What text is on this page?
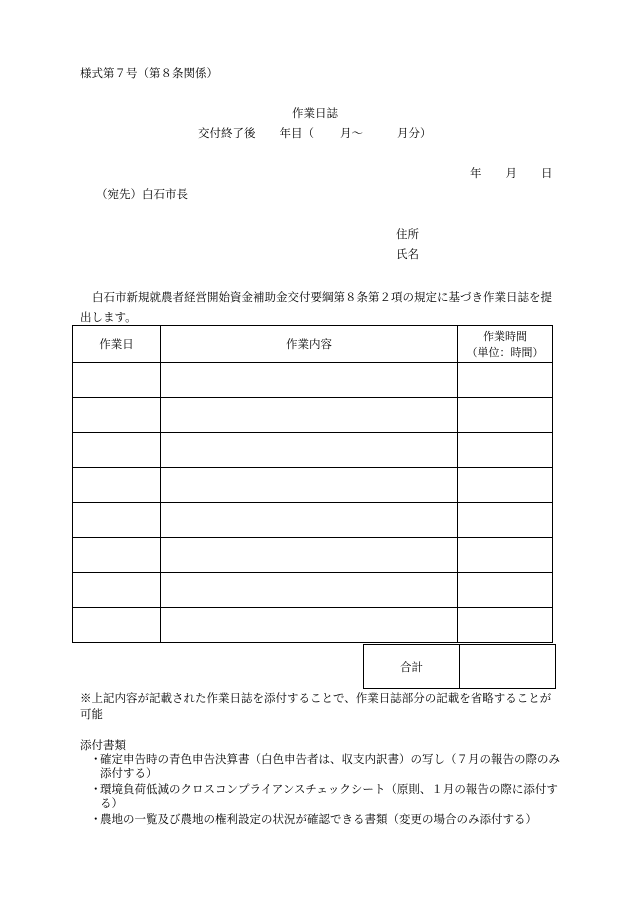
様式第７号（第８条関係）
作業日誌
交付終了後 年目（ 月～	月分）
年 月 日
（宛先）白石市長
住所
氏名
白石市新規就農者経営開始資金補助金交付要綱第８条第２項の規定に基づき作業日誌を提出します。
作業日	作業内容	作業時間
（単位：時間）

合計	
※上記内容が記載された作業日誌を添付することで、作業日誌部分の記載を省略することが可能
添付書類
・
確定申告時の青色申告決算書（白色申告者は、収支内訳書）の写し（７月の報告の際のみ添付する）
・
環境負荷低減のクロスコンプライアンスチェックシート（原則、１月の報告の際に添付する）
・
農地の一覧及び農地の権利設定の状況が確認できる書類（変更の場合のみ添付する）
